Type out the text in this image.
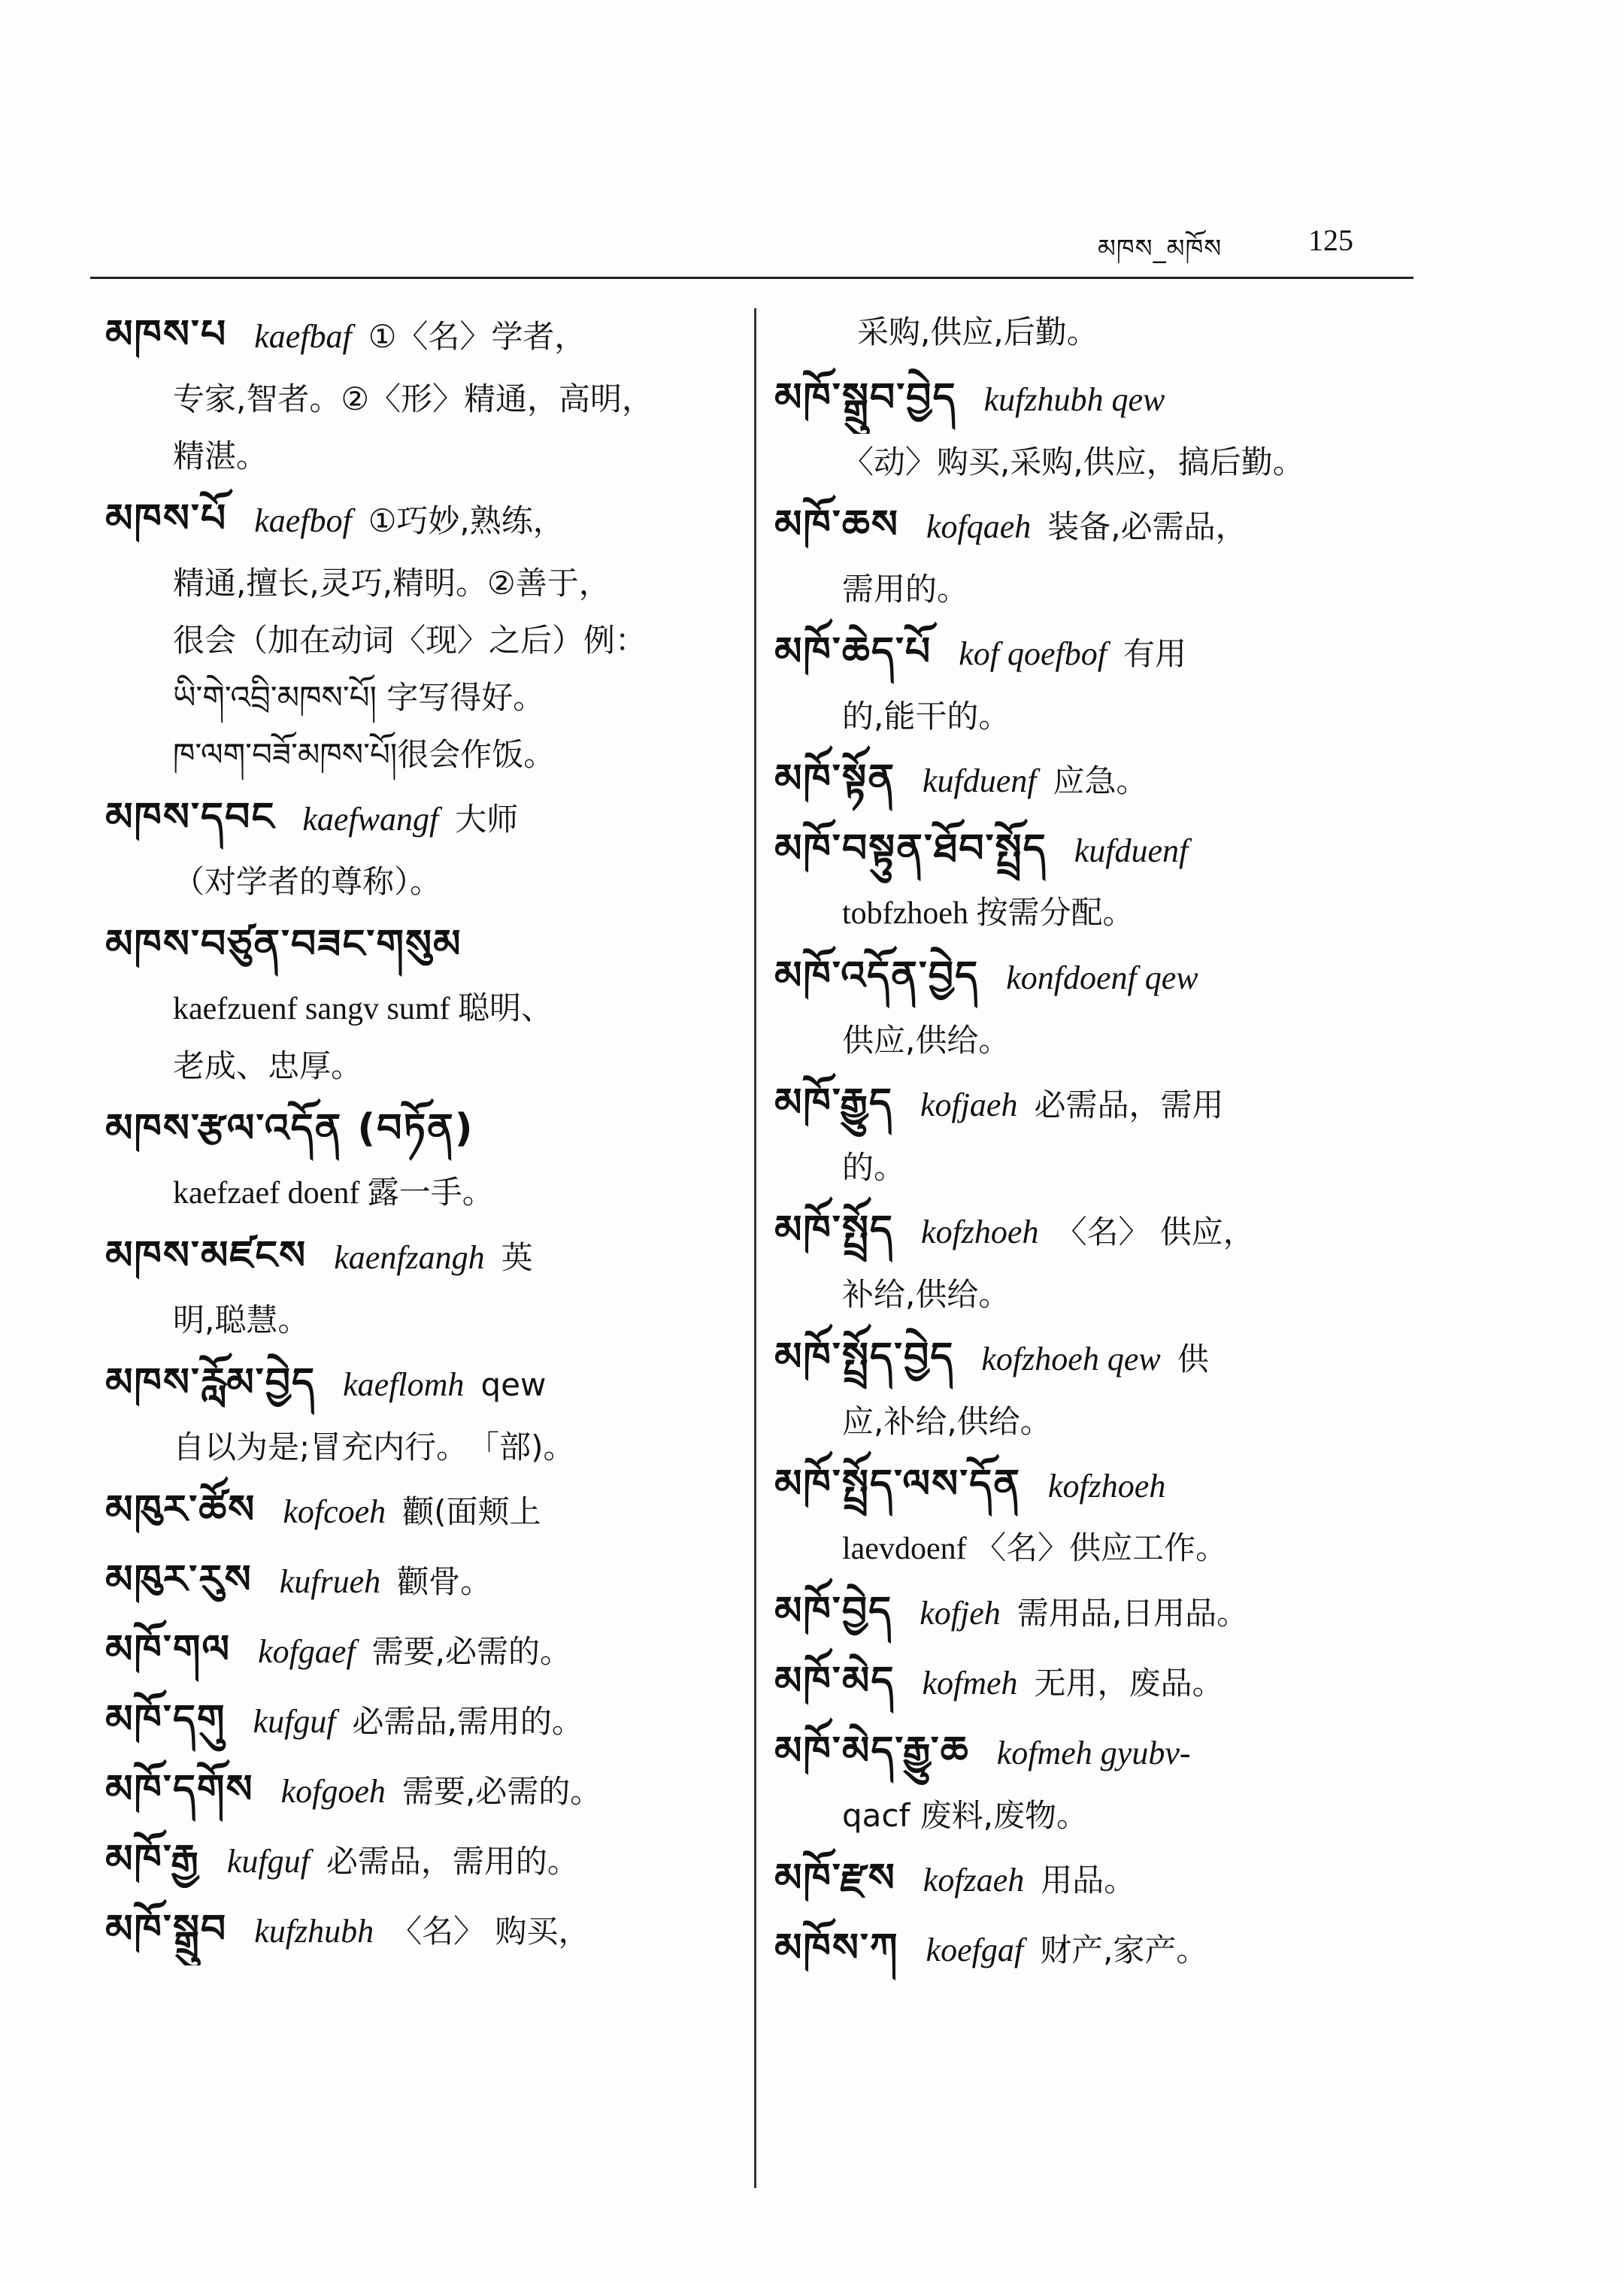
མཁས_མཁོས	125
མཁས་པ kaefbaf ①〈名〉学者，
专家,智者。②〈形〉精通，高明，
精湛。
མཁས་པོ kaefbof ①巧妙,熟练，
精通,擅长,灵巧,精明。②善于，
很会（加在动词〈现〉之后）例：
ཡི་གེ་འབྲི་མཁས་པོ། 字写得好。
ཁ་ལག་བཟོ་མཁས་པོ།很会作饭。
མཁས་དབང kaefwangf 大师
（对学者的尊称）。
མཁས་བཙུན་བཟང་གསུམ
kaefzuenf sangv sumf 聪明、
老成、忠厚。
མཁས་རྩལ་འདོན (བཏོན)
kaefzaef doenf 露一手。
མཁས་མཛངས kaenfzangh 英
明,聪慧。
མཁས་རློམ་བྱེད kaeflomh qew
自以为是;冒充内行。　「部)。
མཁུར་ཚོས kofcoeh 颧(面颊上
མཁུར་རུས kufrueh 颧骨。
མཁོ་གལ kofgaef 需要,必需的。
མཁོ་དགུ kufguf 必需品,需用的。
མཁོ་དགོས kofgoeh 需要,必需的。
མཁོ་རྒྱ kufguf 必需品，需用的。
མཁོ་སྒྲུབ kufzhubh 〈名〉 购买，
采购,供应,后勤。
མཁོ་སྒྲུབ་བྱེད kufzhubh qew
〈动〉购买,采购,供应，搞后勤。
མཁོ་ཆས kofqaeh 装备,必需品，
需用的。
མཁོ་ཆེད་པོ kof qoefbof 有用
的,能干的。
མཁོ་སྟོན kufduenf 应急。
མཁོ་བསྟུན་ཐོབ་སྤྲོད kufduenf
tobfzhoeh 按需分配。
མཁོ་འདོན་བྱེད konfdoenf qew
供应,供给。
མཁོ་རྒྱུད kofjaeh 必需品，需用
的。
མཁོ་སྤྲོད kofzhoeh 〈名〉 供应，
补给,供给。
མཁོ་སྤྲོད་བྱེད kofzhoeh qew 供
应,补给,供给。
མཁོ་སྤྲོད་ལས་དོན kofzhoeh
laevdoenf 〈名〉供应工作。
མཁོ་བྱེད kofjeh 需用品,日用品。
མཁོ་མེད kofmeh 无用，废品。
མཁོ་མེད་རྒྱུ་ཆ kofmeh gyubv-
qacf 废料,废物。
མཁོ་རྫས kofzaeh 用品。
མཁོས་ཀ koefgaf 财产,家产。
